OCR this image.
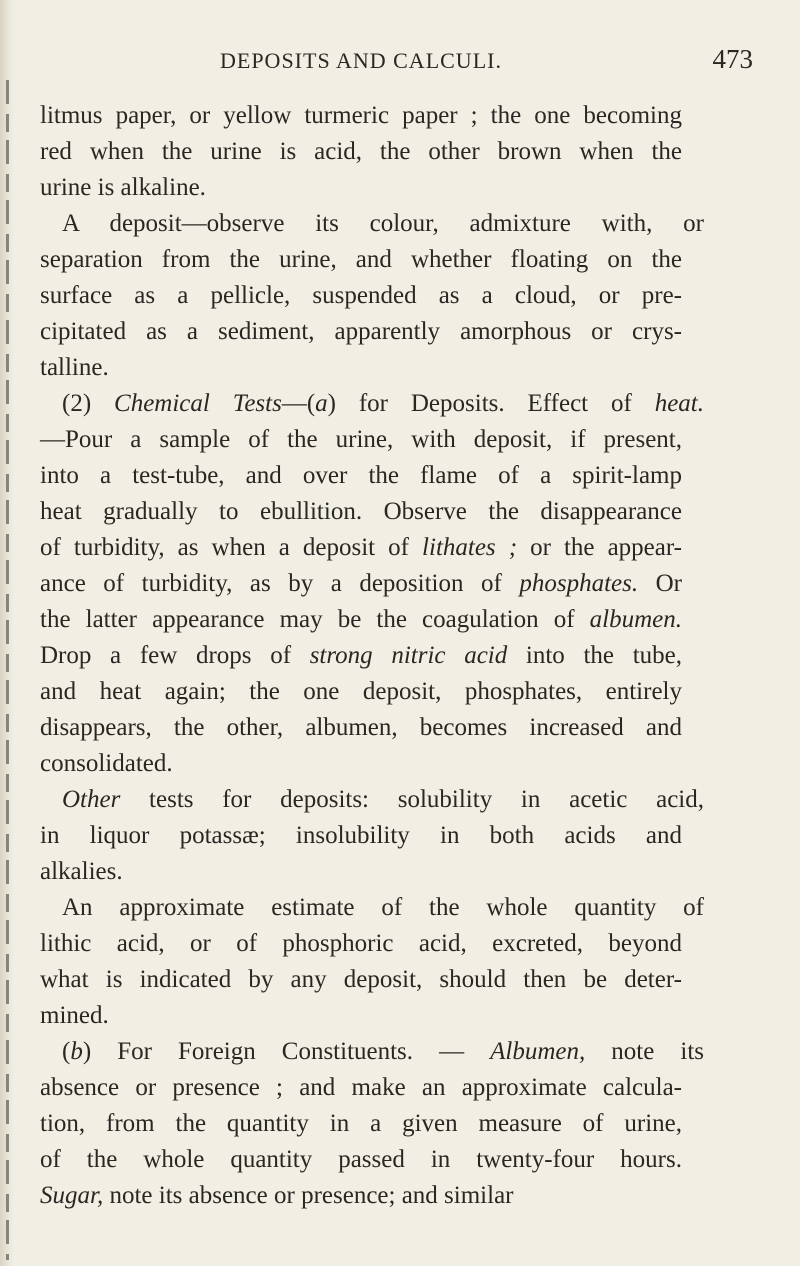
DEPOSITS AND CALCULI.	473
litmus paper, or yellow turmeric paper ; the one becoming
red when the urine is acid, the other brown when the
urine is alkaline.
A deposit—observe its colour, admixture with, or
separation from the urine, and whether floating on the
surface as a pellicle, suspended as a cloud, or pre-
cipitated as a sediment, apparently amorphous or crys-
talline.
(2) Chemical Tests—(a) for Deposits. Effect of heat.
—Pour a sample of the urine, with deposit, if present,
into a test-tube, and over the flame of a spirit-lamp
heat gradually to ebullition. Observe the disappearance
of turbidity, as when a deposit of lithates ; or the appear-
ance of turbidity, as by a deposition of phosphates. Or
the latter appearance may be the coagulation of albumen.
Drop a few drops of strong nitric acid into the tube,
and heat again; the one deposit, phosphates, entirely
disappears, the other, albumen, becomes increased and
consolidated.
Other tests for deposits: solubility in acetic acid,
in liquor potassæ; insolubility in both acids and
alkalies.
An approximate estimate of the whole quantity of
lithic acid, or of phosphoric acid, excreted, beyond
what is indicated by any deposit, should then be deter-
mined.
(b) For Foreign Constituents. — Albumen, note its
absence or presence ; and make an approximate calcula-
tion, from the quantity in a given measure of urine,
of the whole quantity passed in twenty-four hours.
Sugar, note its absence or presence; and similar
